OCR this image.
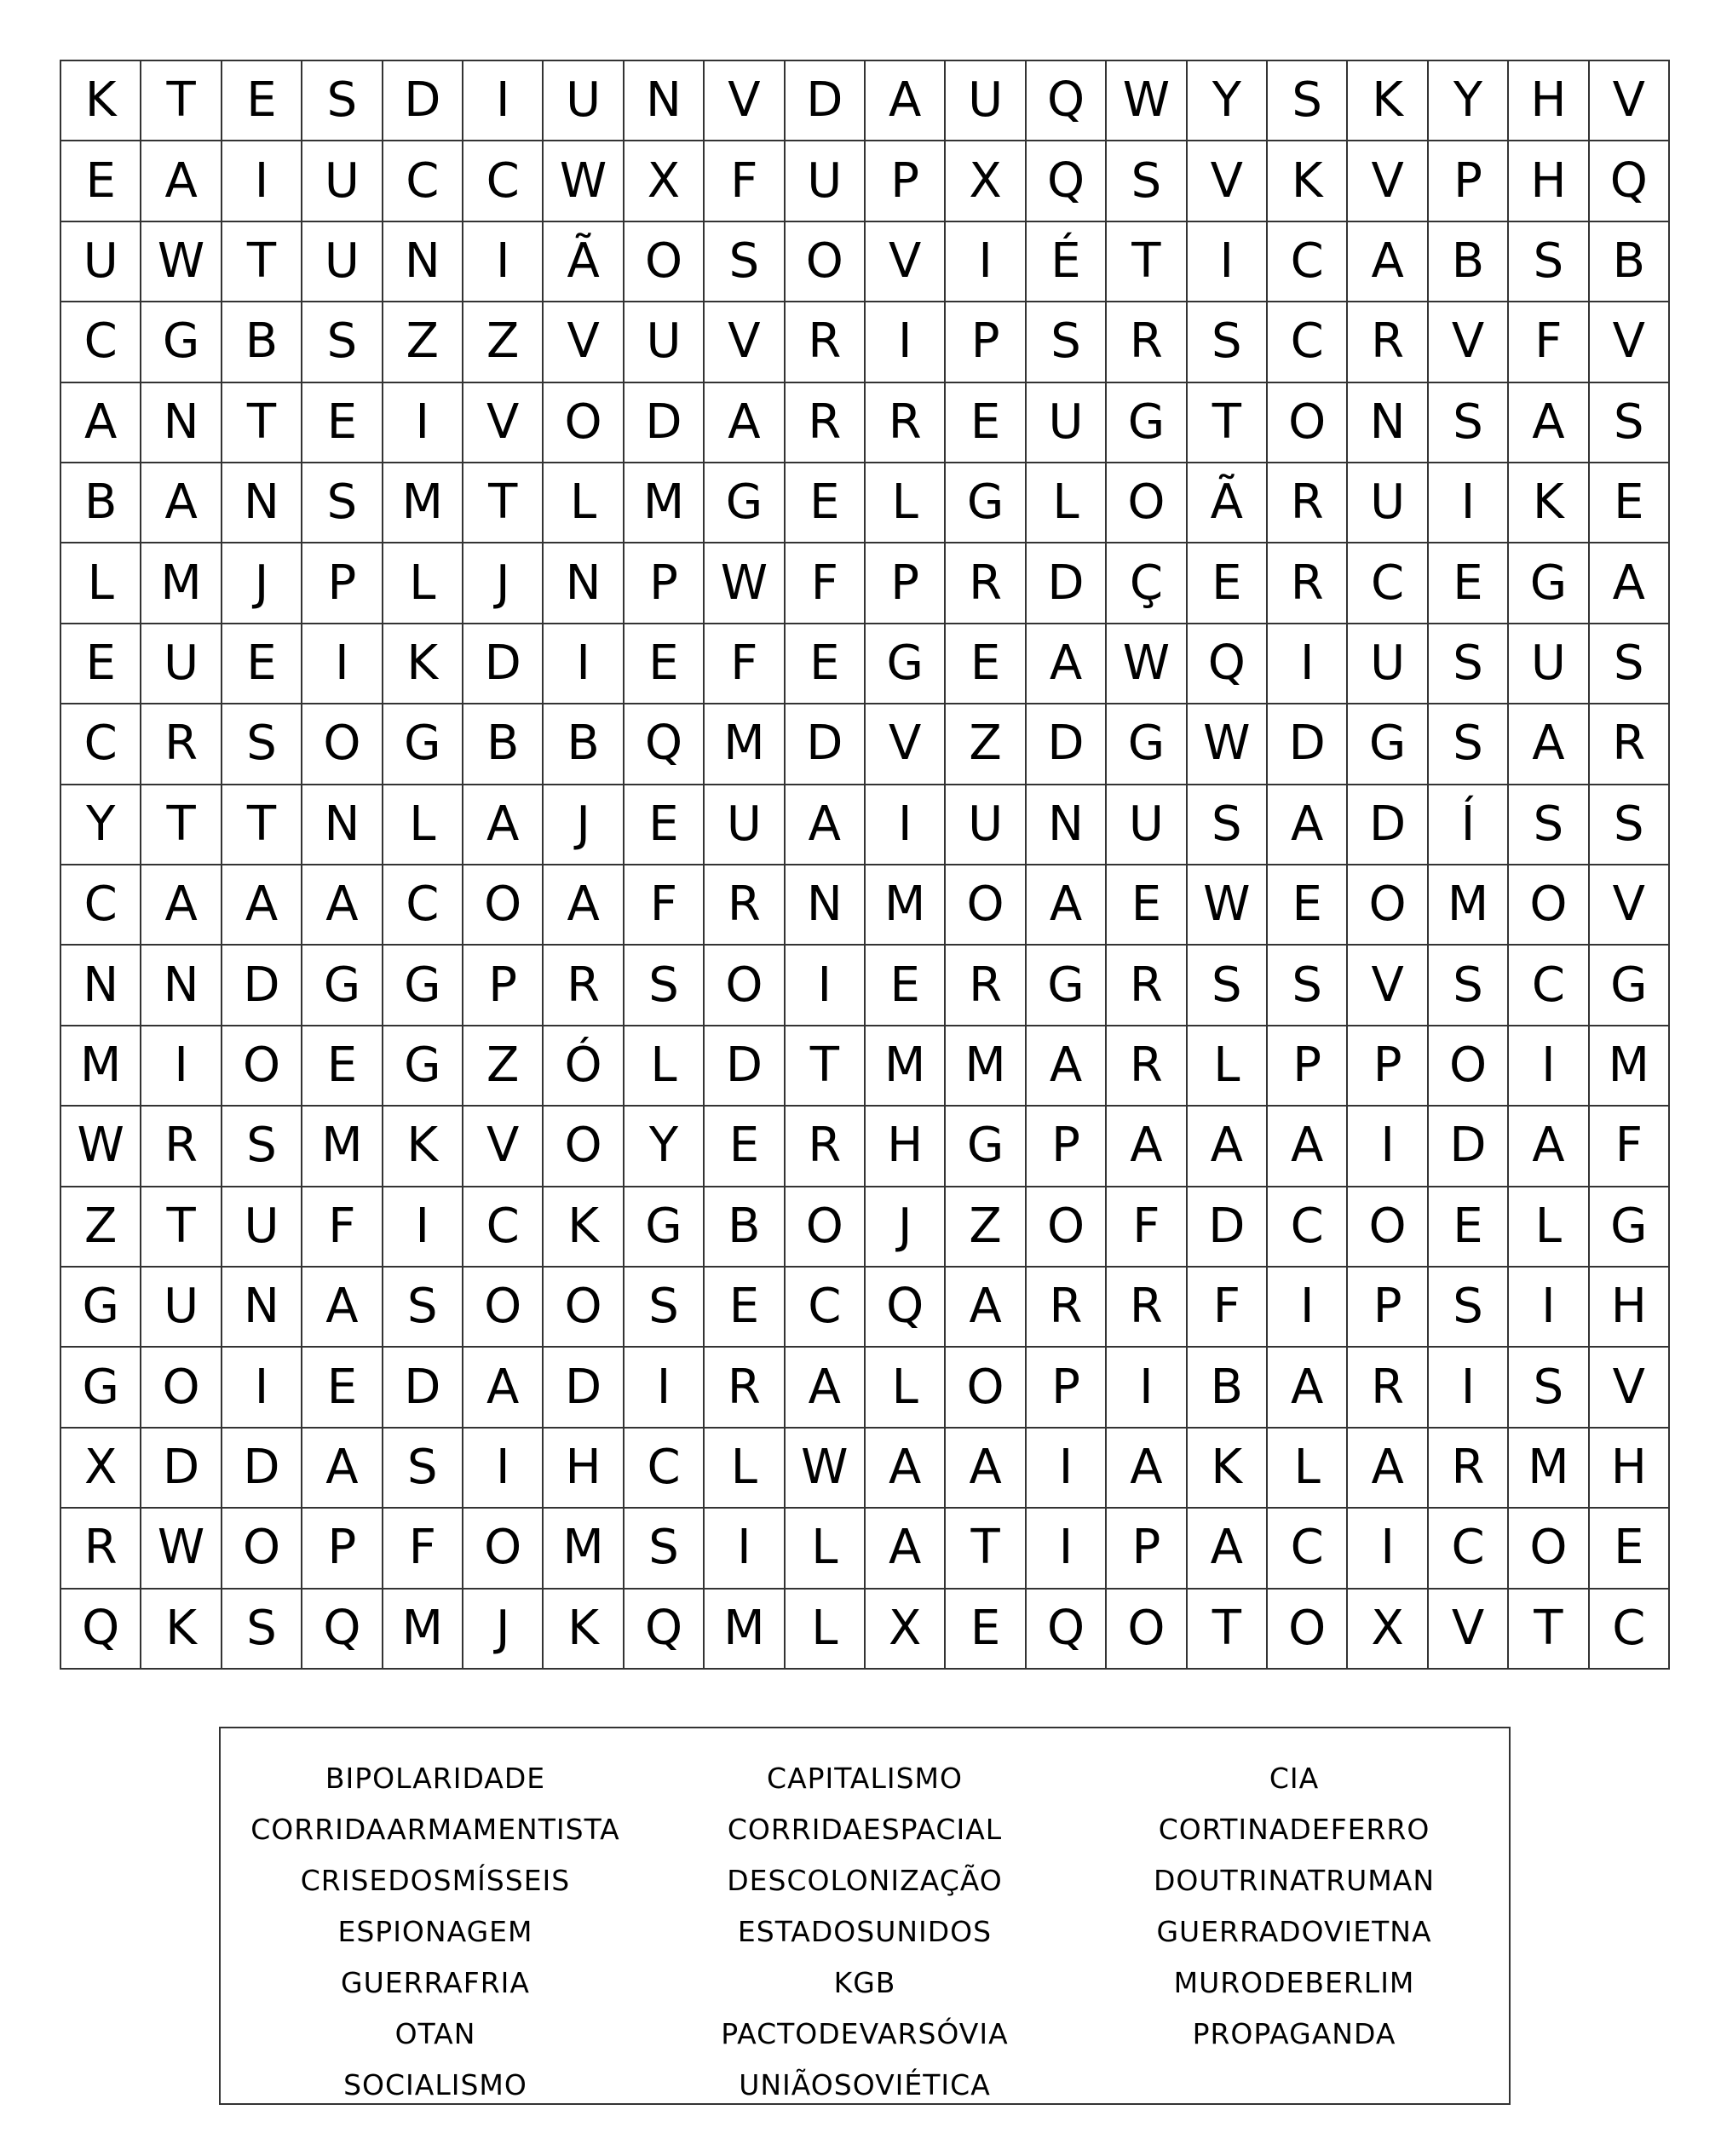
K	T	E	S D	I	U N V D A U Q W Y	S	K	Y	H V
E	A	I	U C C W X	F	U	P	X Q S	V	K	V	P	H Q
U W T	U N	I	Ã O S O V	I	É	T	I	C A	B	S	B
C G B	S	Z	Z	V U V R	I	P	S	R	S	C R V	F	V
A N	T	E	I	V O D A R R	E	U G T O N S	A	S
B	A N S M T	L M G E	L	G	L	O Ã R U	I	K	E
L M	J	P	L	J	N	P W F	P	R D Ç	E	R C	E G A
E	U	E	I	K D	I	E	F	E G E	A W Q	I	U	S	U	S
C R	S O G B B Q M D V	Z D G W D G S	A R
Y	T	T	N	L	A	J	E	U A	I	U N U	S	A D	Í	S	S
C A	A	A C O A	F	R N M O A	E W E O M O V
N N D G G P	R	S O	I	E	R G R	S	S	V	S	C G
M	I	O E G Z Ó	L	D T M M A R	L	P	P O	I	M
W R	S M K	V O Y	E	R H G P	A	A	A	I	D A	F
Z	T	U	F	I	C	K G B O	J	Z O	F	D C O E	L	G
G U N A	S O O S	E	C Q A R R	F	I	P	S	I	H
G O	I	E D A D	I	R A	L	O P	I	B	A R	I	S	V
X D D A	S	I	H C	L W A	A	I	A	K	L	A R M H
R W O P	F	O M S	I	L	A	T	I	P	A C	I	C O E
Q K	S Q M	J	K Q M L	X	E Q O T O X	V	T	C
BIPOLARIDADE	CAPITALISMO	CIA
CORRIDAARMAMENTISTA	CORRIDAESPACIAL	CORTINADEFERRO
CRISEDOSMÍSSEIS	DESCOLONIZAÇÃO	DOUTRINATRUMAN
ESPIONAGEM	ESTADOSUNIDOS	GUERRADOVIETNA
GUERRAFRIA	KGB	MURODEBERLIM
OTAN	PACTODEVARSÓVIA	PROPAGANDA
SOCIALISMO	UNIÃOSOVIÉTICA
